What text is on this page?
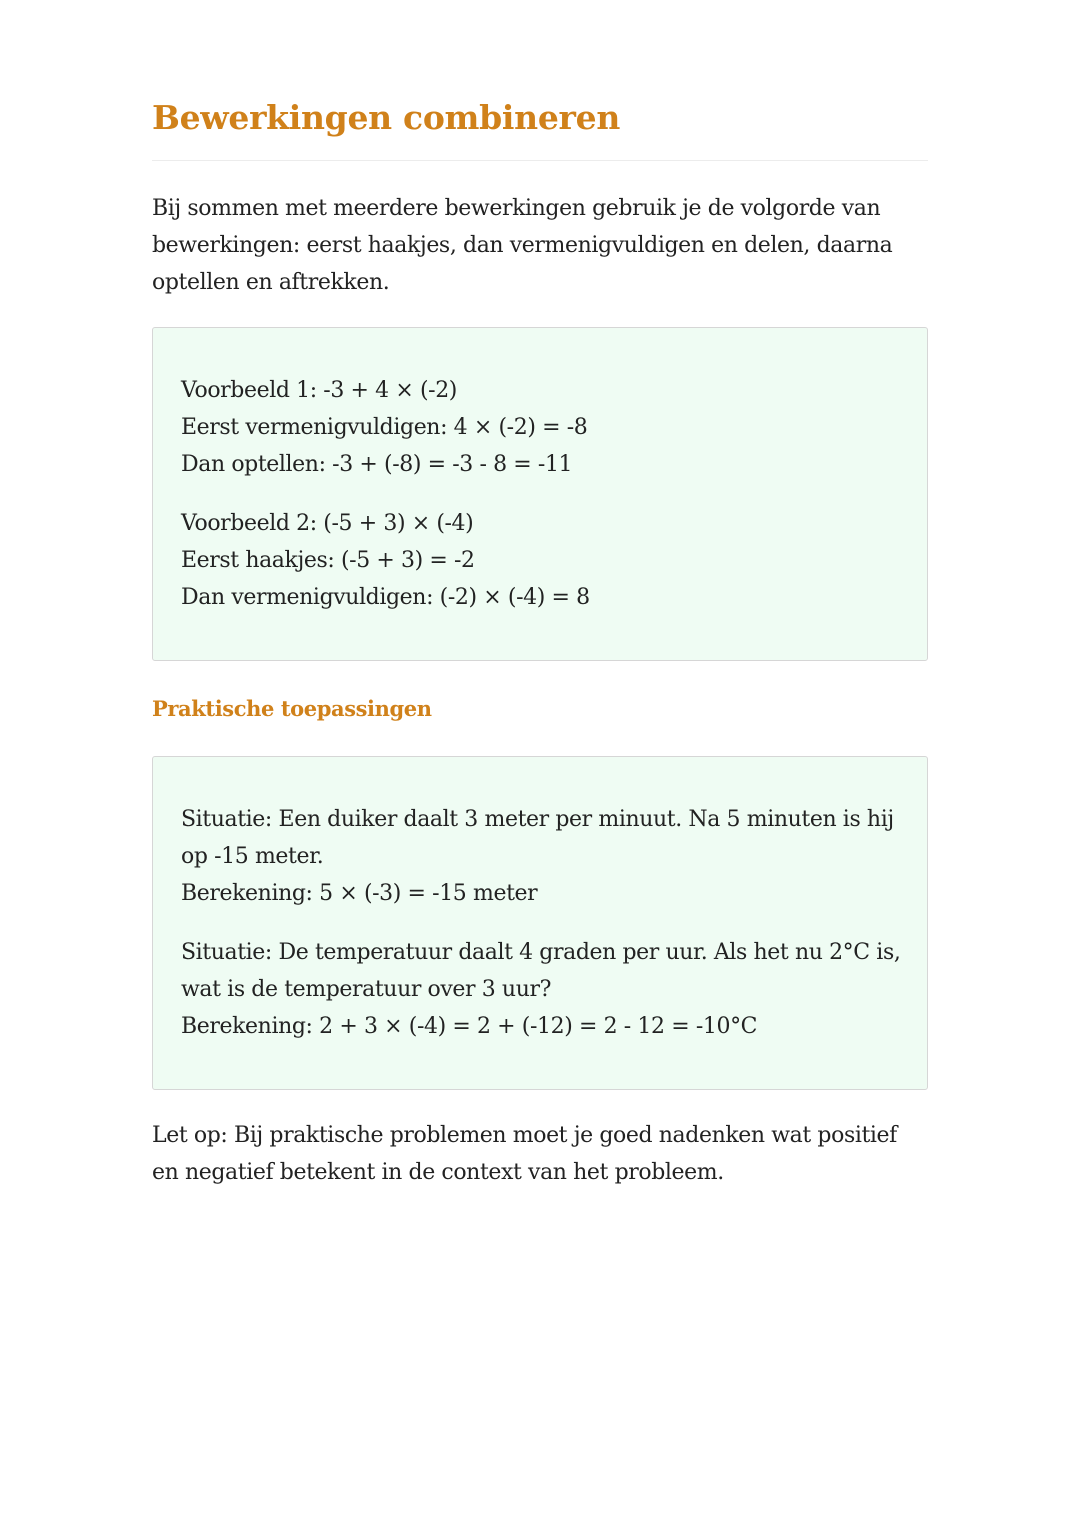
Bewerkingen combineren

Bij sommen met meerdere bewerkingen gebruik je de volgorde van bewerkingen: eerst haakjes, dan vermenigvuldigen en delen, daarna optellen en aftrekken.

Voorbeeld 1: -3 + 4 × (-2)
Eerst vermenigvuldigen: 4 × (-2) = -8
Dan optellen: -3 + (-8) = -3 - 8 = -11
Voorbeeld 2: (-5 + 3) × (-4)
Eerst haakjes: (-5 + 3) = -2
Dan vermenigvuldigen: (-2) × (-4) = 8
Praktische toepassingen
Situatie: Een duiker daalt 3 meter per minuut. Na 5 minuten is hij op -15 meter.
Berekening: 5 × (-3) = -15 meter
Situatie: De temperatuur daalt 4 graden per uur. Als het nu 2°C is, wat is de temperatuur over 3 uur?
Berekening: 2 + 3 × (-4) = 2 + (-12) = 2 - 12 = -10°C

Let op: Bij praktische problemen moet je goed nadenken wat positief en negatief betekent in de context van het probleem.
